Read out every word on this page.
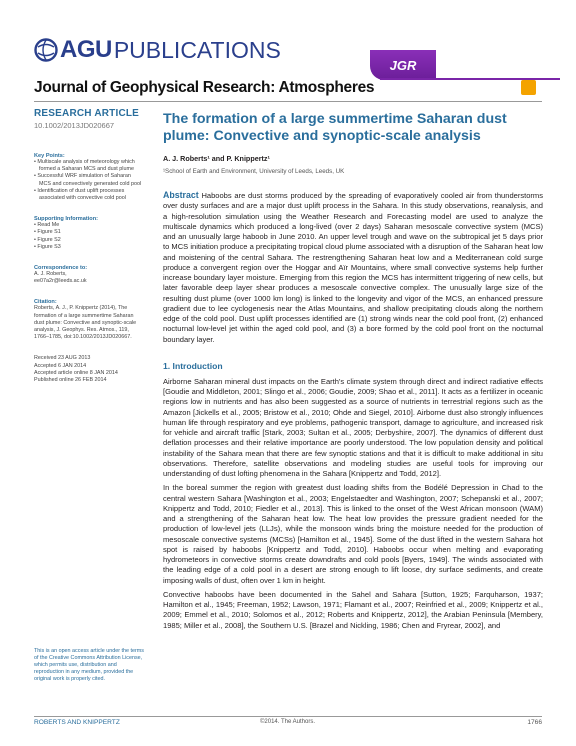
AGU PUBLICATIONS
JGR
Journal of Geophysical Research: Atmospheres
RESEARCH ARTICLE
10.1002/2013JD020667
Key Points:
• Multiscale analysis of meteorology which formed a Saharan MCS and dust plume
• Successful WRF simulation of Saharan MCS and convectively generated cold pool
• Identification of dust uplift processes associated with convective cold pool
Supporting Information:
• Read Me
• Figure S1
• Figure S2
• Figure S3
Correspondence to:
A. J. Roberts,
ee07a2r@leeds.ac.uk
Citation:
Roberts, A. J., P. Knippertz (2014), The formation of a large summertime Saharan dust plume: Convective and synoptic-scale analysis, J. Geophys. Res. Atmos., 119, 1766–1785, doi:10.1002/2013JD020667.
Received 23 AUG 2013
Accepted 6 JAN 2014
Accepted article online 8 JAN 2014
Published online 26 FEB 2014
This is an open access article under the terms of the Creative Commons Attribution License, which permits use, distribution and reproduction in any medium, provided the original work is properly cited.
The formation of a large summertime Saharan dust plume: Convective and synoptic-scale analysis
A. J. Roberts¹ and P. Knippertz¹
¹School of Earth and Environment, University of Leeds, Leeds, UK
Abstract Haboobs are dust storms produced by the spreading of evaporatively cooled air from thunderstorms over dusty surfaces and are a major dust uplift process in the Sahara. In this study observations, reanalysis, and a high-resolution simulation using the Weather Research and Forecasting model are used to analyze the multiscale dynamics which produced a long-lived (over 2 days) Saharan mesoscale convective system (MCS) and an unusually large haboob in June 2010. An upper level trough and wave on the subtropical jet 5 days prior to MCS initiation produce a precipitating tropical cloud plume associated with a disruption of the Saharan heat low and moistening of the central Sahara. The restrengthening Saharan heat low and a Mediterranean cold surge produce a convergent region over the Hoggar and Aïr Mountains, where small convective systems help further increase boundary layer moisture. Emerging from this region the MCS has intermittent triggering of new cells, but later favorable deep layer shear produces a mesoscale convective complex. The unusually large size of the resulting dust plume (over 1000 km long) is linked to the longevity and vigor of the MCS, an enhanced pressure gradient due to lee cyclogenesis near the Atlas Mountains, and shallow precipitating clouds along the northern edge of the cold pool. Dust uplift processes identified are (1) strong winds near the cold pool front, (2) enhanced nocturnal low-level jet within the aged cold pool, and (3) a bore formed by the cold pool front on the nocturnal boundary layer.
1. Introduction
Airborne Saharan mineral dust impacts on the Earth's climate system through direct and indirect radiative effects [Goudie and Middleton, 2001; Slingo et al., 2006; Goudie, 2009; Shao et al., 2011]. It acts as a fertilizer in oceanic regions low in nutrients and has also been suggested as a source of nutrients in terrestrial regions such as the Amazon [Jickells et al., 2005; Bristow et al., 2010; Ohde and Siegel, 2010]. Airborne dust also strongly influences human life through respiratory and eye problems, pathogenic transport, damage to agriculture, and increased risk for vehicle and aircraft traffic [Stark, 2003; Sultan et al., 2005; Derbyshire, 2007]. The dynamics of different dust deflation processes and their relative importance are poorly understood. The low population density and political instability of the Sahara mean that there are few synoptic stations and that it is difficult to make additional in situ observations. Therefore, satellite observations and modeling studies are useful tools for improving our understanding of dust lofting phenomena in the Sahara [Knippertz and Todd, 2012].
In the boreal summer the region with greatest dust loading shifts from the Bodélé Depression in Chad to the central western Sahara [Washington et al., 2003; Engelstaedter and Washington, 2007; Schepanski et al., 2007; Knippertz and Todd, 2010; Fiedler et al., 2013]. This is linked to the onset of the West African monsoon (WAM) and a strengthening of the Saharan heat low. The heat low provides the pressure gradient needed for the production of low-level jets (LLJs), while the monsoon winds bring the moisture needed for the production of mesoscale convective systems (MCSs) [Hamilton et al., 1945]. Some of the dust lifted in the western Sahara hot spot is raised by haboobs [Knippertz and Todd, 2010]. Haboobs occur when melting and evaporating hydrometeors in convective storms create downdrafts and cold pools [Byers, 1949]. The winds associated with the leading edge of a cold pool in a desert are strong enough to lift loose, dry surface sediments, and create imposing walls of dust, often over 1 km in height.
Convective haboobs have been documented in the Sahel and Sahara [Sutton, 1925; Farquharson, 1937; Hamilton et al., 1945; Freeman, 1952; Lawson, 1971; Flamant et al., 2007; Reinfried et al., 2009; Knippertz et al., 2009; Emmel et al., 2010; Solomos et al., 2012; Roberts and Knippertz, 2012], the Arabian Peninsula [Membery, 1985; Miller et al., 2008], the Southern U.S. [Brazel and Nickling, 1986; Chen and Fryrear, 2002], and
ROBERTS AND KNIPPERTZ	©2014. The Authors.	1766
